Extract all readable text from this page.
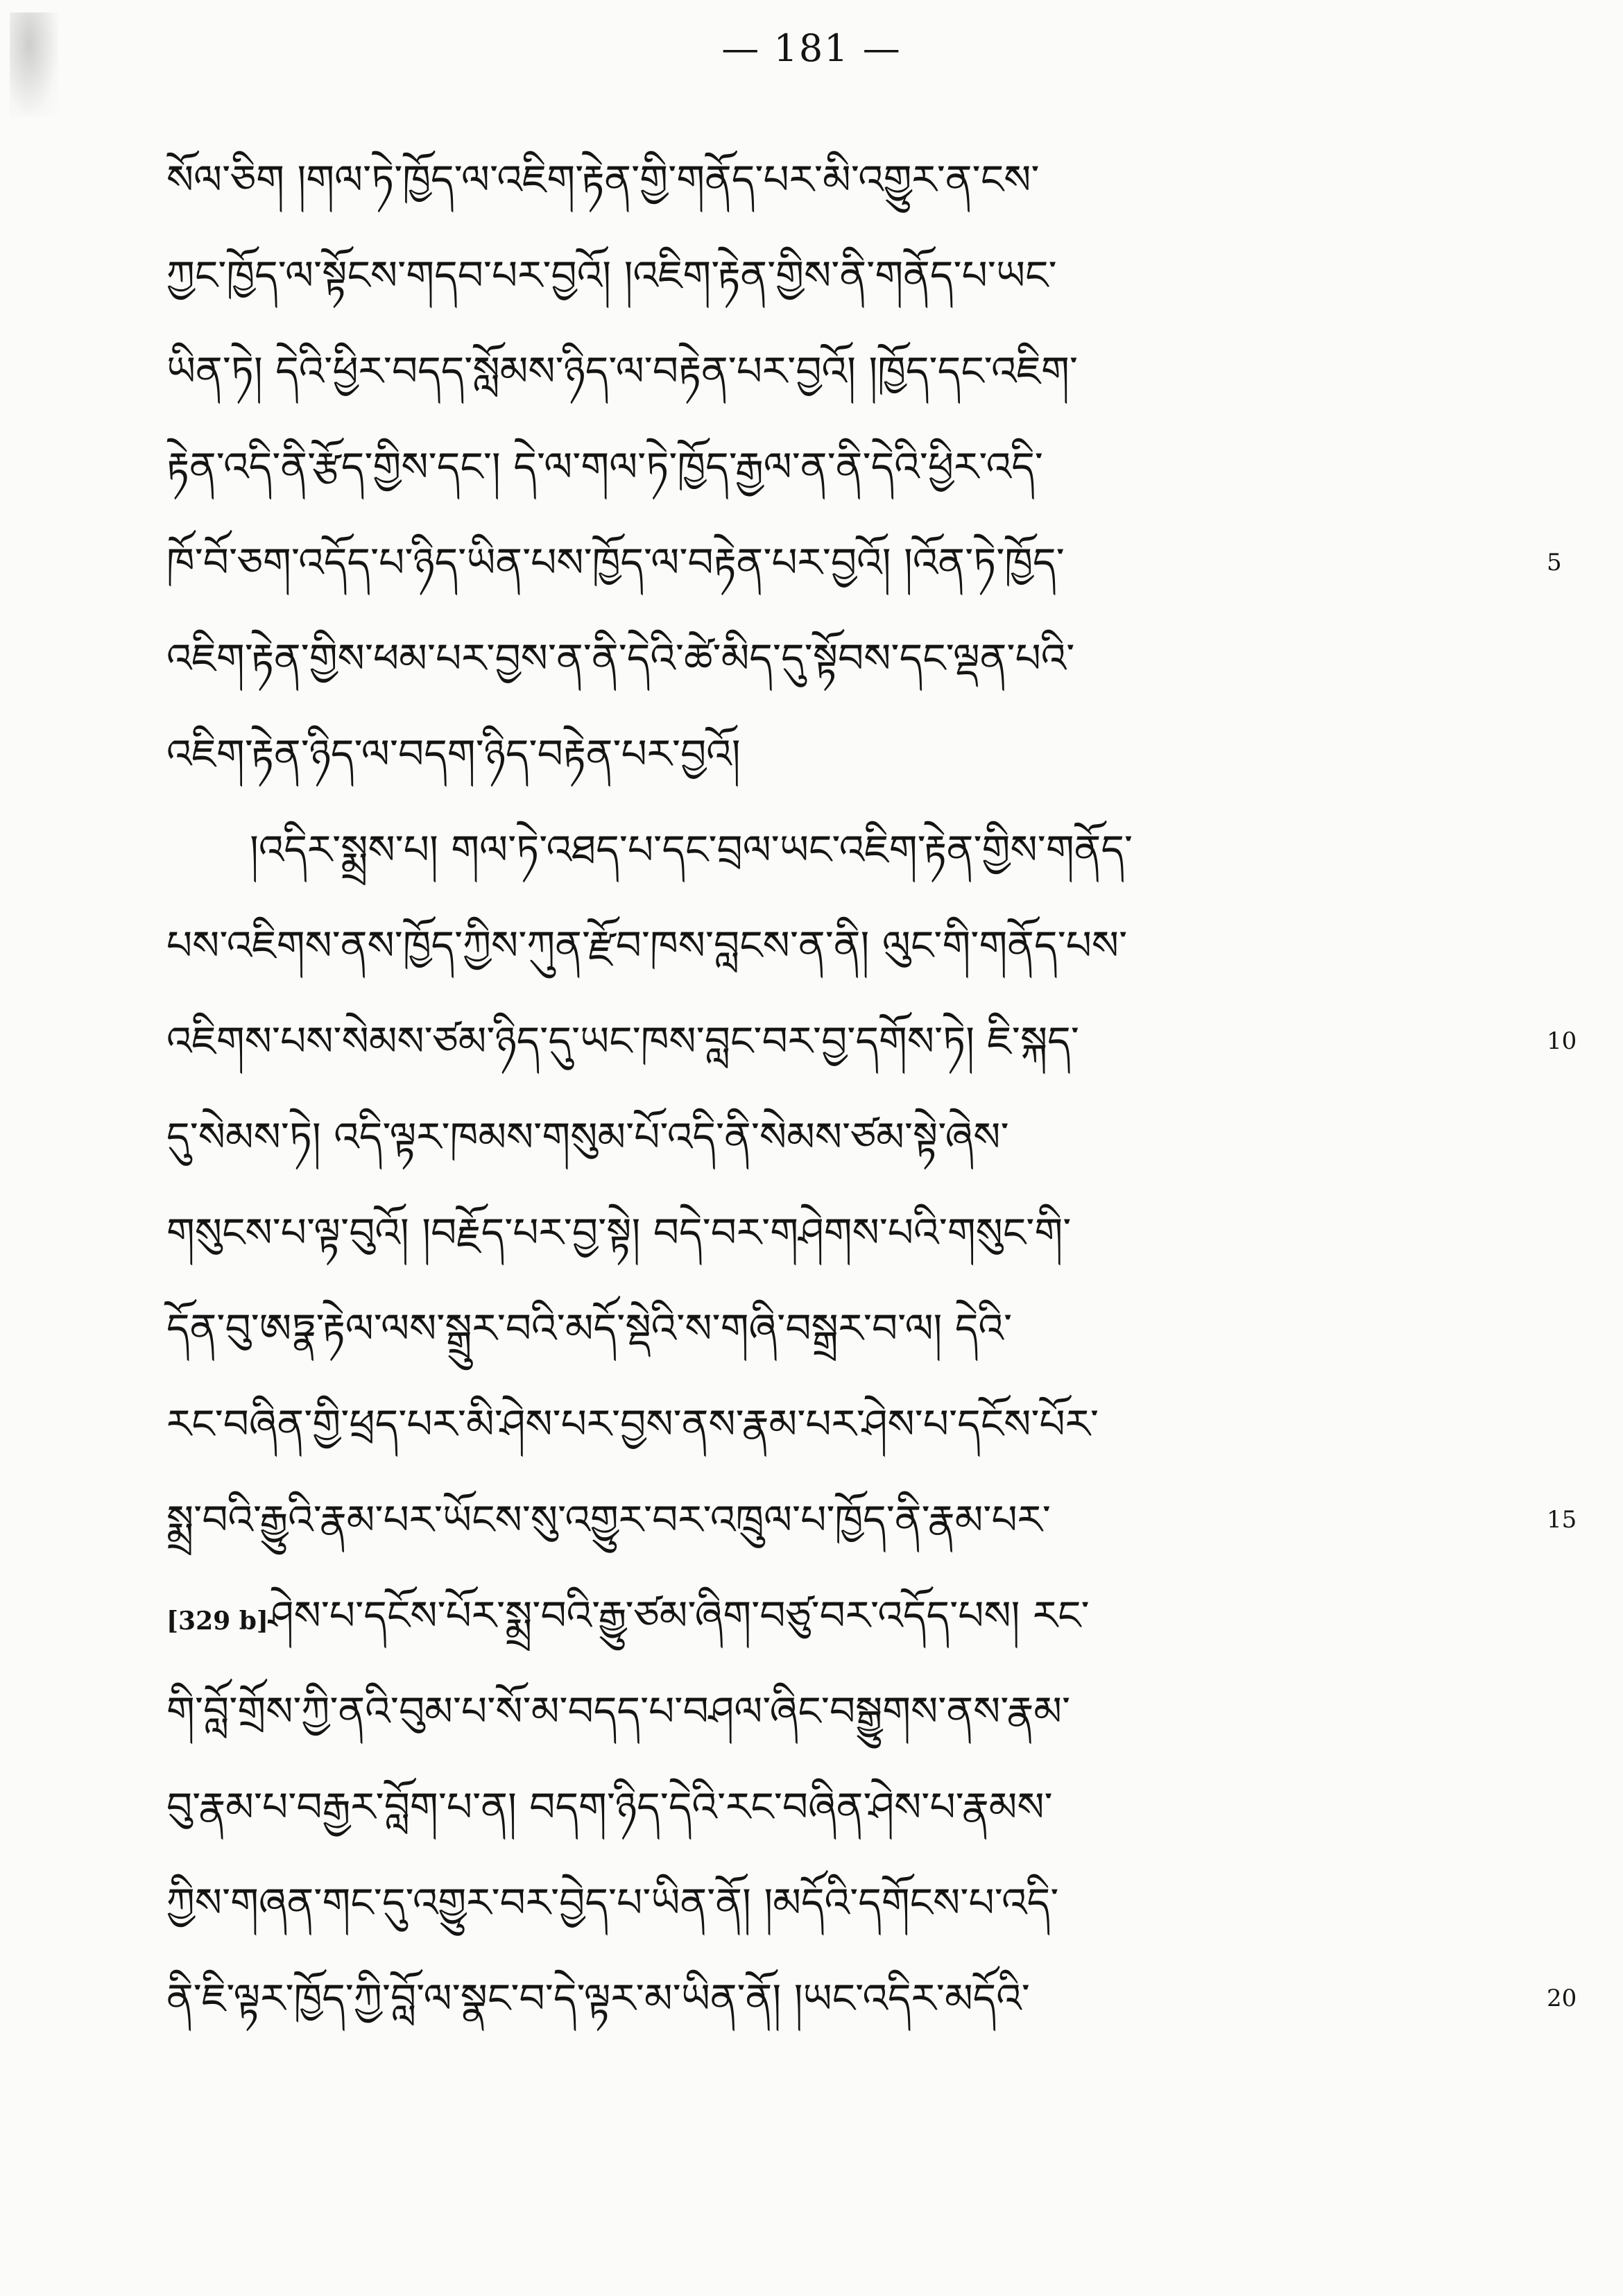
— 181 —
སོལ་ཅིག །གལ་ཏེ་ཁྱོད་ལ་འཇིག་རྟེན་གྱི་གནོད་པར་མི་འགྱུར་ན་ངས་
ཀྱང་ཁྱོད་ལ་སྟོངས་གདབ་པར་བྱའོ། །འཇིག་རྟེན་གྱིས་ནི་གནོད་པ་ཡང་
ཡིན་ཏེ། དེའི་ཕྱིར་བདད་སློམས་ཉིད་ལ་བརྟེན་པར་བྱའོ། །ཁྱོད་དང་འཇིག་
རྟེན་འདི་ནི་རྩོད་གྱིས་དང་། དེ་ལ་གལ་ཏེ་ཁྱོད་རྒྱལ་ན་ནི་དེའི་ཕྱིར་འདི་
ཁོ་བོ་ཅག་འདོད་པ་ཉིད་ཡིན་པས་ཁྱོད་ལ་བརྟེན་པར་བྱའོ། །འོན་ཏེ་ཁྱོད་	5
འཇིག་རྟེན་གྱིས་ཕམ་པར་བྱས་ན་ནི་དེའི་ཚེ་མིད་དུ་སྟོབས་དང་ལྡན་པའི་
འཇིག་རྟེན་ཉིད་ལ་བདག་ཉིད་བརྟེན་པར་བྱའོ།
།འདིར་སྨྲས་པ། གལ་ཏེ་འཐད་པ་དང་བྲལ་ཡང་འཇིག་རྟེན་གྱིས་གནོད་
པས་འཇིགས་ནས་ཁྱོད་ཀྱིས་ཀུན་རྫོབ་ཁས་བླངས་ན་ནི། ལུང་གི་གནོད་པས་
འཇིགས་པས་སེམས་ཙམ་ཉིད་དུ་ཡང་ཁས་བླང་བར་བྱ་དགོས་ཏེ། ཇི་སྐད་	10
དུ་སེམས་ཏེ། འདི་ལྟར་ཁམས་གསུམ་པོ་འདི་ནི་སེམས་ཙམ་སྟེ་ཞེས་
གསུངས་པ་ལྟ་བུའོ། །བརྗོད་པར་བྱ་སྟེ། བདེ་བར་གཤེགས་པའི་གསུང་གི་
དོན་བུ་ཨཏྣ་རྟེལ་ལས་སྒྲུར་བའི་མདོ་སྡེའི་ས་གཞི་བསྒྲར་བ་ལ། དེའི་
རང་བཞིན་གྱི་ཕྲད་པར་མི་ཤེས་པར་བྱས་ནས་རྣམ་པར་ཤེས་པ་དངོས་པོར་
སྨྲ་བའི་རྒྱུའི་རྣམ་པར་ཡོངས་སུ་འགྱུར་བར་འཁྲུལ་པ་ཁྱོད་ནི་རྣམ་པར་	15
[329 b]ཤེས་པ་དངོས་པོར་སྨྲ་བའི་རྒྱུ་ཙམ་ཞིག་བཙུ་བར་འདོད་པས། རང་
གི་བློ་གྲོས་ཀྱི་ནའི་བུམ་པ་སོ་མ་བདད་པ་བཤལ་ཞིང་བསྒྱུགས་ནས་རྣམ་
བུ་རྣམ་པ་བརྒྱར་བློག་པ་ན། བདག་ཉིད་དེའི་རང་བཞིན་ཤེས་པ་རྣམས་
ཀྱིས་གཞན་གང་དུ་འགྱུར་བར་བྱེད་པ་ཡིན་ནོ། །མདོའི་དགོངས་པ་འདི་
ནི་ཇི་ལྟར་ཁྱོད་ཀྱི་བློ་ལ་སྣང་བ་དེ་ལྟར་མ་ཡིན་ནོ། །ཡང་འདིར་མདོའི་	20
